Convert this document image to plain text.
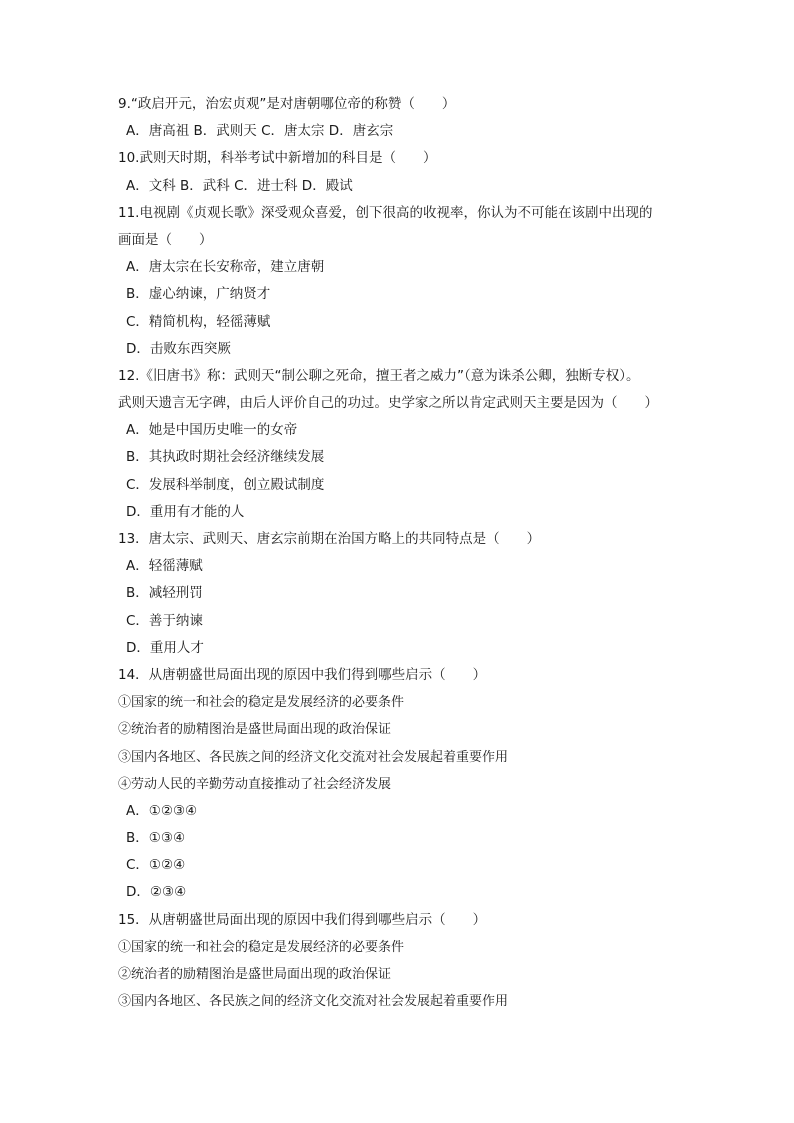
9.“政启开元，治宏贞观”是对唐朝哪位帝的称赞（　　）
A．唐高祖 B．武则天 C．唐太宗 D．唐玄宗
10.武则天时期，科举考试中新增加的科目是（　　）
A．文科 B．武科 C．进士科 D．殿试
11.电视剧《贞观长歌》深受观众喜爱，创下很高的收视率，你认为不可能在该剧中出现的
画面是（　　）
A．唐太宗在长安称帝，建立唐朝
B．虚心纳谏，广纳贤才
C．精简机构，轻徭薄赋
D．击败东西突厥
12.《旧唐书》称：武则天“制公聊之死命，擅王者之威力”（意为诛杀公卿，独断专权）。
武则天遗言无字碑，由后人评价自己的功过。史学家之所以肯定武则天主要是因为（　　）
A．她是中国历史唯一的女帝
B．其执政时期社会经济继续发展
C．发展科举制度，创立殿试制度
D．重用有才能的人
13．唐太宗、武则天、唐玄宗前期在治国方略上的共同特点是（　　）
A．轻徭薄赋
B．减轻刑罚
C．善于纳谏
D．重用人才
14．从唐朝盛世局面出现的原因中我们得到哪些启示（　　）
①国家的统一和社会的稳定是发展经济的必要条件
②统治者的励精图治是盛世局面出现的政治保证
③国内各地区、各民族之间的经济文化交流对社会发展起着重要作用
④劳动人民的辛勤劳动直接推动了社会经济发展
A．①②③④
B．①③④
C．①②④
D．②③④
15．从唐朝盛世局面出现的原因中我们得到哪些启示（　　）
①国家的统一和社会的稳定是发展经济的必要条件
②统治者的励精图治是盛世局面出现的政治保证
③国内各地区、各民族之间的经济文化交流对社会发展起着重要作用
